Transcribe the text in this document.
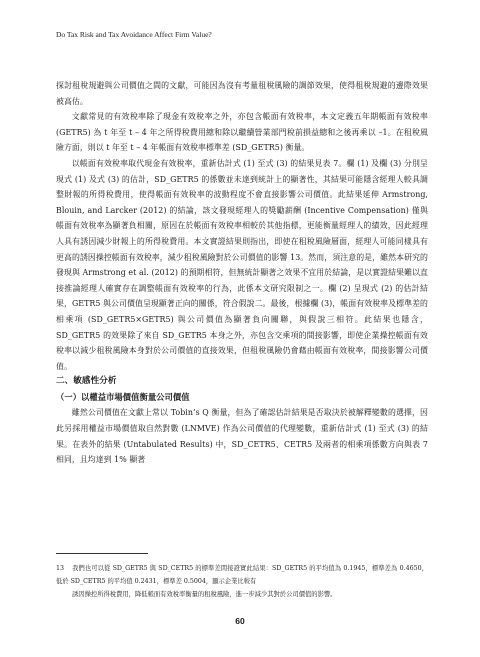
Do Tax Risk and Tax Avoidance Affect Firm Value?

探討租稅規避與公司價值之間的文獻，可能因為沒有考量租稅風險的調節效果，使得租稅規避的邊際效果被高估。

文獻常見的有效稅率除了現金有效稅率之外，亦包含帳面有效稅率，本文定義五年期帳面有效稅率 (GETR5) 為 t 年至 t – 4 年之所得稅費用總和除以繼續營業部門稅前損益總和之後再乘以 –1。在租稅風險方面，則以 t 年至 t – 4 年帳面有效稅率標準差 (SD_GETR5) 衡量。

以帳面有效稅率取代現金有效稅率，重新估計式 (1) 至式 (3) 的結果見表 7。欄 (1) 及欄 (3) 分別呈現式 (1) 及式 (3) 的估計，SD_GETR5 的係數並未達到統計上的顯著性，其結果可能隱含經理人較具調整財報的所得稅費用，使得帳面有效稅率的波動程度不會直接影響公司價值。此結果延伸 Armstrong, Blouin, and Larcker (2012) 的結論，該文發現經理人的獎勵薪酬 (Incentive Compensation) 僅與帳面有效稅率為顯著負相關，原因在於帳面有效稅率相較於其他指標，更能衡量經理人的績效，因此經理人具有誘因減少財報上的所得稅費用。本文實證結果則指出，即使在租稅風險層面，經理人可能同樣具有更高的誘因操控帳面有效稅率，減少租稅風險對於公司價值的影響 13。然而，須注意的是，雖然本研究的發現與 Armstrong et al. (2012) 的預期相符，但無統計顯著之效果不宜用於結論，是以實證結果難以直接推論經理人確實存在調整帳面有效稅率的行為，此係本文研究限制之一。欄 (2) 呈現式 (2) 的估計結果，GETR5 與公司價值呈現顯著正向的關係，符合假說二。最後，根據欄 (3)，帳面有效稅率及標準差的相乘項 (SD_GETR5×GETR5) 與公司價值為顯著負向關聯，與假說三相符。此結果也隱含，SD_GETR5 的效果除了來自 SD_GETR5 本身之外，亦包含交乘項的間接影響，即使企業操控帳面有效稅率以減少租稅風險本身對於公司價值的直接效果，但租稅風險仍會藉由帳面有效稅率，間接影響公司價值。

二、敏感性分析

（一）以權益市場價值衡量公司價值

雖然公司價值在文獻上常以 Tobin’s Q 衡量，但為了確認估計結果是否取決於被解釋變數的選擇，因此另採用權益市場價值取自然對數 (LNMVE) 作為公司價值的代理變數，重新估計式 (1) 至式 (3) 的結果。在表外的結果 (Untabulated Results) 中，SD_CETR5、CETR5 及兩者的相乘項係數方向與表 7 相同，且均達到 1% 顯著

13 我們也可以從 SD_GETR5 與 SD_CETR5 的標準差間接證實此結果：SD_GETR5 的平均值為 0.1945，標準差為 0.4650，低於 SD_CETR5 的平均值 0.2431，標準差 0.5004，顯示企業比較有
誘因操控所得稅費用，降低帳面有效稅率衡量的租稅風險，進一步減少其對於公司價值的影響。
60
